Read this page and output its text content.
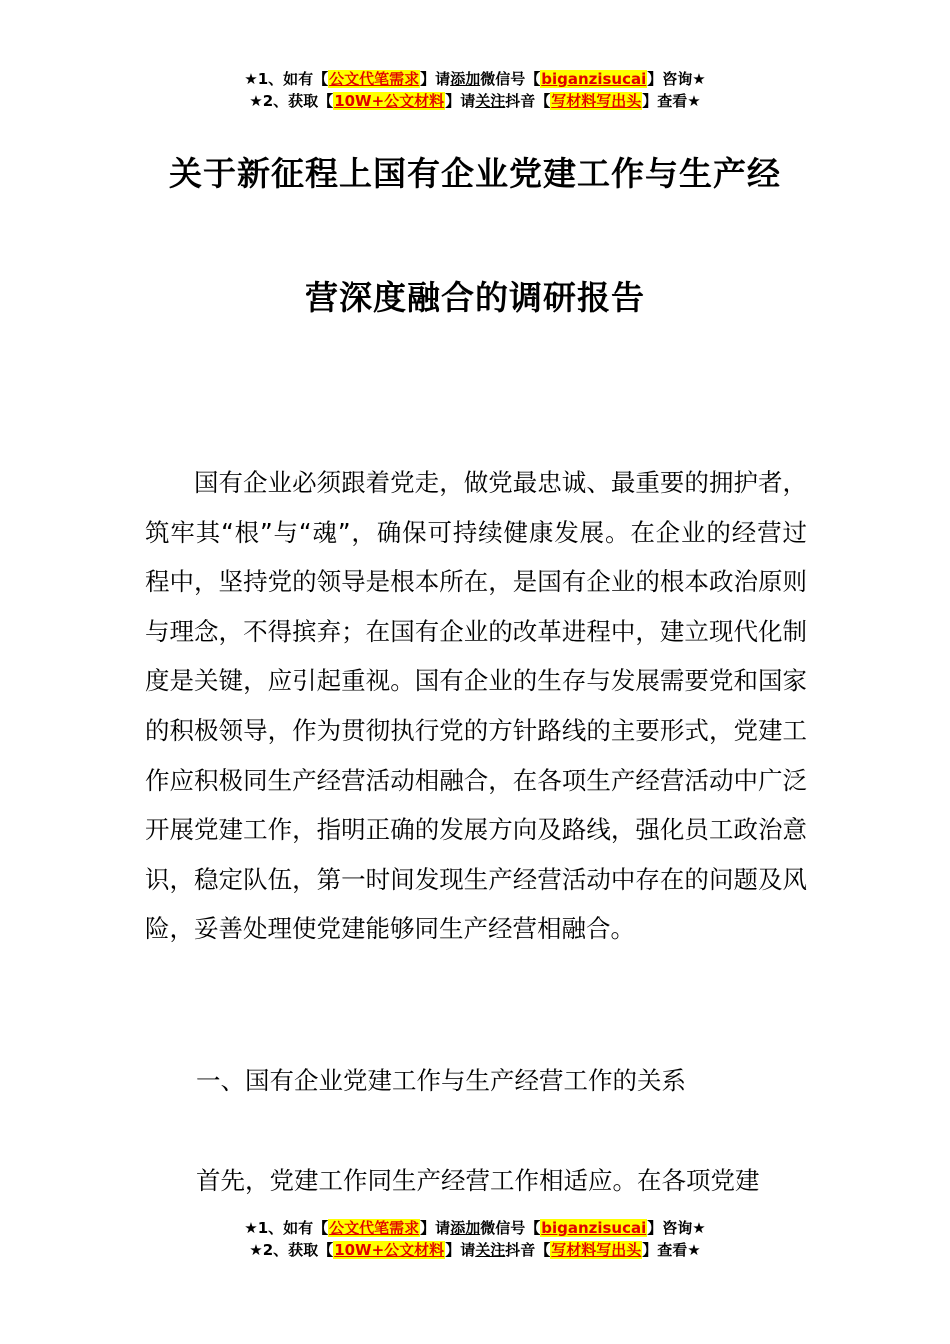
★1、如有【公文代笔需求】请添加微信号【biganzisucai】咨询★
★2、获取【10W+公文材料】请关注抖音【写材料写出头】查看★
关于新征程上国有企业党建工作与生产经
营深度融合的调研报告

国有企业必须跟着党走，做党最忠诚、最重要的拥护者，筑牢其“根”与“魂”，确保可持续健康发展。在企业的经营过程中，坚持党的领导是根本所在，是国有企业的根本政治原则与理念，不得摈弃；在国有企业的改革进程中，建立现代化制度是关键，应引起重视。国有企业的生存与发展需要党和国家的积极领导，作为贯彻执行党的方针路线的主要形式，党建工作应积极同生产经营活动相融合，在各项生产经营活动中广泛开展党建工作，指明正确的发展方向及路线，强化员工政治意识，稳定队伍，第一时间发现生产经营活动中存在的问题及风险，妥善处理使党建能够同生产经营相融合。

一、国有企业党建工作与生产经营工作的关系

首先，党建工作同生产经营工作相适应。在各项党建

★1、如有【公文代笔需求】请添加微信号【biganzisucai】咨询★
★2、获取【10W+公文材料】请关注抖音【写材料写出头】查看★
